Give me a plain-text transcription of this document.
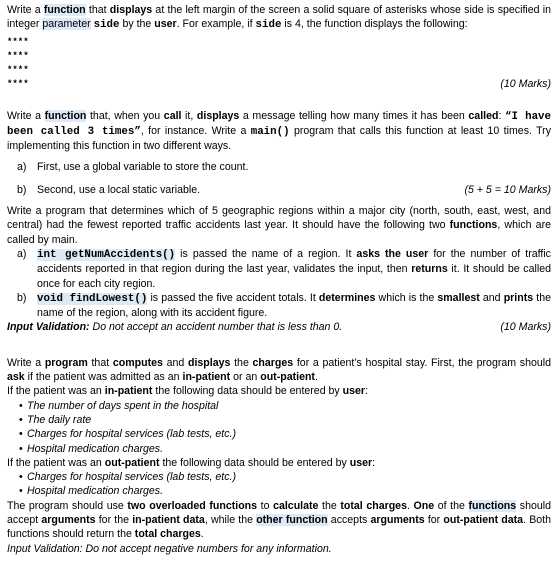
Write a function that displays at the left margin of the screen a solid square of asterisks whose side is specified in integer parameter side by the user. For example, if side is 4, the function displays the following:

****
****
****
****	(10 Marks)

Write a function that, when you call it, displays a message telling how many times it has been called: “I have been called 3 times”, for instance. Write a main() program that calls this function at least 10 times. Try implementing this function in two different ways.

a) First, use a global variable to store the count.
b) Second, use a local static variable.	(5 + 5 = 10 Marks)

Write a program that determines which of 5 geographic regions within a major city (north, south, east, west, and central) had the fewest reported traffic accidents last year. It should have the following two functions, which are called by main.

a) int getNumAccidents() is passed the name of a region. It asks the user for the number of traffic accidents reported in that region during the last year, validates the input, then returns it. It should be called once for each city region.
b) void findLowest() is passed the five accident totals. It determines which is the smallest and prints the name of the region, along with its accident figure.
Input Validation: Do not accept an accident number that is less than 0.	(10 Marks)

Write a program that computes and displays the charges for a patient’s hospital stay. First, the program should ask if the patient was admitted as an in-patient or an out-patient.

If the patient was an in-patient the following data should be entered by user:

• The number of days spent in the hospital
• The daily rate
• Charges for hospital services (lab tests, etc.)
• Hospital medication charges.

If the patient was an out-patient the following data should be entered by user:

• Charges for hospital services (lab tests, etc.)
• Hospital medication charges.

The program should use two overloaded functions to calculate the total charges. One of the functions should accept arguments for the in-patient data, while the other function accepts arguments for out-patient data. Both functions should return the total charges.

Input Validation: Do not accept negative numbers for any information.
